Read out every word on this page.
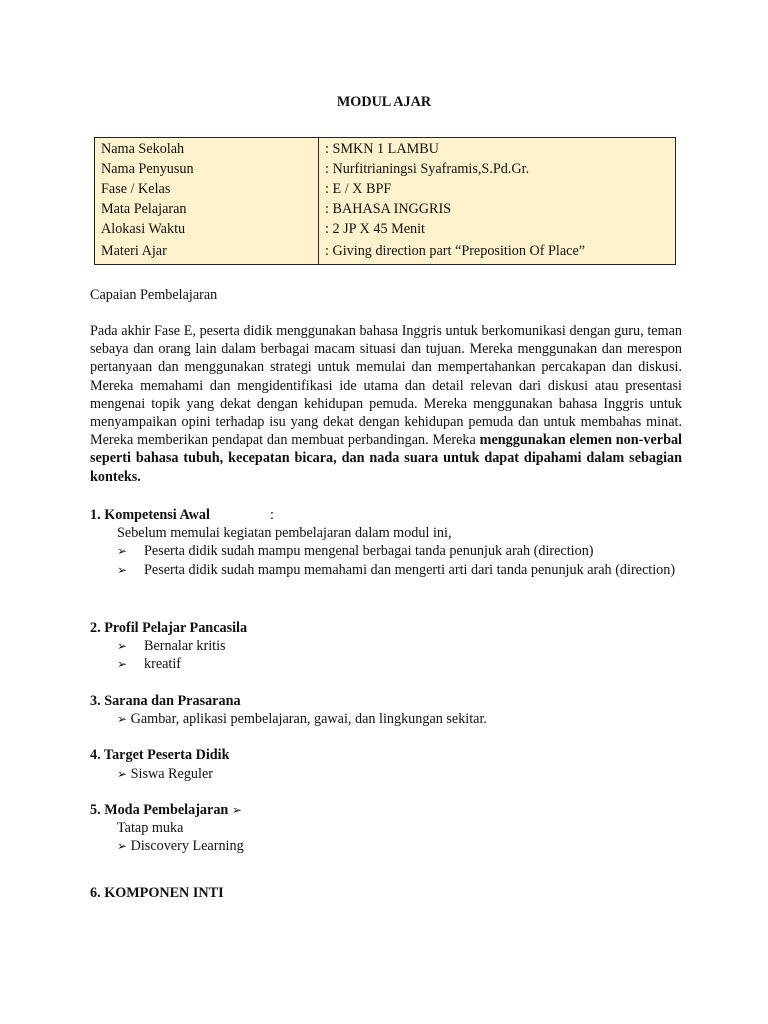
MODUL AJAR
Nama Sekolah	: SMKN 1 LAMBU
Nama Penyusun	: Nurfitrianingsi Syaframis,S.Pd.Gr.
Fase / Kelas	: E / X BPF
Mata Pelajaran	: BAHASA INGGRIS
Alokasi Waktu	: 2 JP X 45 Menit
Materi Ajar	: Giving direction part “Preposition Of Place”
Capaian Pembelajaran
Pada akhir Fase E, peserta didik menggunakan bahasa Inggris untuk berkomunikasi dengan guru, teman sebaya dan orang lain dalam berbagai macam situasi dan tujuan. Mereka menggunakan dan merespon pertanyaan dan menggunakan strategi untuk memulai dan mempertahankan percakapan dan diskusi. Mereka memahami dan mengidentifikasi ide utama dan detail relevan dari diskusi atau presentasi mengenai topik yang dekat dengan kehidupan pemuda. Mereka menggunakan bahasa Inggris untuk menyampaikan opini terhadap isu yang dekat dengan kehidupan pemuda dan untuk membahas minat. Mereka memberikan pendapat dan membuat perbandingan. Mereka menggunakan elemen non-verbal seperti bahasa tubuh, kecepatan bicara, dan nada suara untuk dapat dipahami dalam sebagian konteks.
1. Kompetensi Awal	:
Sebelum memulai kegiatan pembelajaran dalam modul ini,
➢ Peserta didik sudah mampu mengenal berbagai tanda penunjuk arah (direction)
➢ Peserta didik sudah mampu memahami dan mengerti arti dari tanda penunjuk arah (direction)
2. Profil Pelajar Pancasila
➢ Bernalar kritis
➢ kreatif
3. Sarana dan Prasarana
➢ Gambar, aplikasi pembelajaran, gawai, dan lingkungan sekitar.
4. Target Peserta Didik
➢ Siswa Reguler
5. Moda Pembelajaran ➢
Tatap muka
➢ Discovery Learning
6. KOMPONEN INTI
